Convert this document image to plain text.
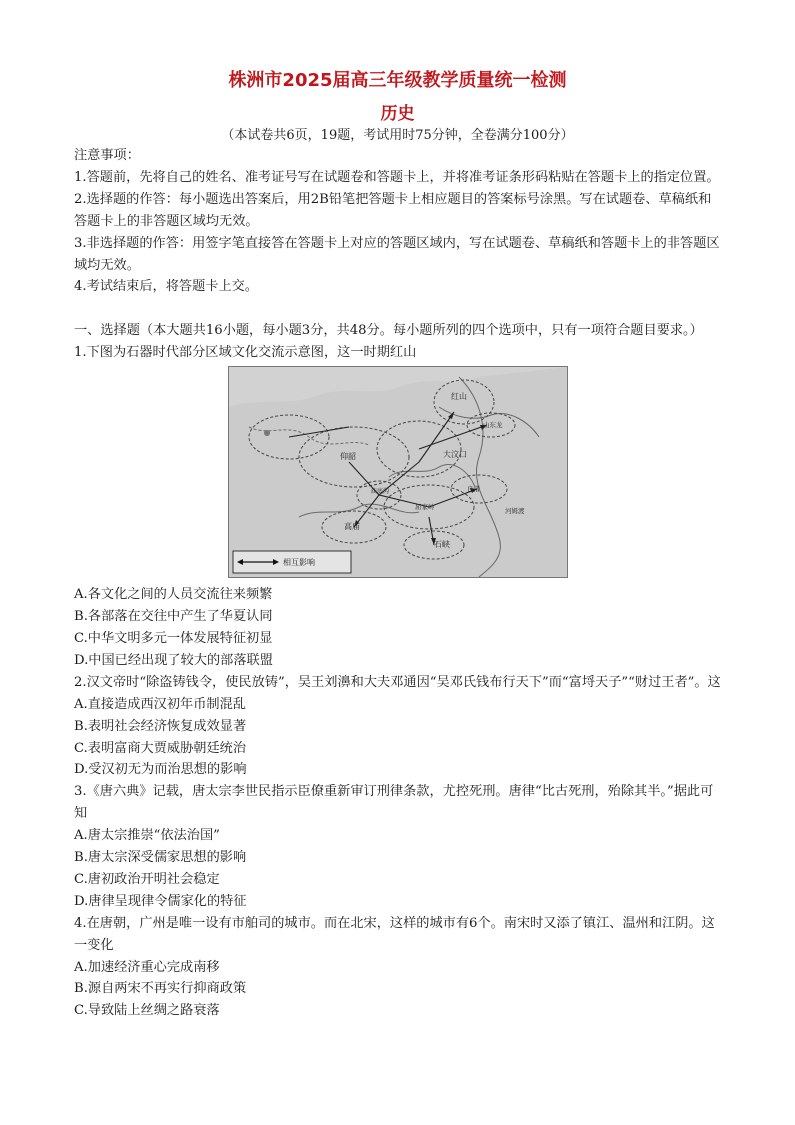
株洲市2025届高三年级教学质量统一检测
历史
（本试卷共6页，19题，考试用时75分钟，全卷满分100分）

注意事项：

1.答题前，先将自己的姓名、准考证号写在试题卷和答题卡上，并将准考证条形码粘贴在答题卡上的指定位置。

2.选择题的作答：每小题选出答案后，用2B铅笔把答题卡上相应题目的答案标号涂黑。写在试题卷、草稿纸和答题卡上的非答题区域均无效。

3.非选择题的作答：用签字笔直接答在答题卡上对应的答题区域内，写在试题卷、草稿纸和答题卡上的非答题区域均无效。

4.考试结束后，将答题卡上交。

一、选择题（本大题共16小题，每小题3分，共48分。每小题所列的四个选项中，只有一项符合题目要求。）

1.下图为石器时代部分区域文化交流示意图，这一时期红山

红山
山东龙
仰韶	大汶口
良渚
河姆渡
屈家岭
庙底沟
高庙
石峡
相互影响

A.各文化之间的人员交流往来频繁

B.各部落在交往中产生了华夏认同

C.中华文明多元一体发展特征初显

D.中国已经出现了较大的部落联盟

2.汉文帝时“除盗铸钱令，使民放铸”，吴王刘濞和大夫邓通因“吴邓氏钱布行天下”而“富埒天子”“财过王者”。这

A.直接造成西汉初年币制混乱

B.表明社会经济恢复成效显著

C.表明富商大贾威胁朝廷统治

D.受汉初无为而治思想的影响

3.《唐六典》记载，唐太宗李世民指示臣僚重新审订刑律条款，尤控死刑。唐律“比古死刑，殆除其半。”据此可知

A.唐太宗推崇“依法治国”

B.唐太宗深受儒家思想的影响

C.唐初政治开明社会稳定

D.唐律呈现律令儒家化的特征

4.在唐朝，广州是唯一设有市舶司的城市。而在北宋，这样的城市有6个。南宋时又添了镇江、温州和江阴。这一变化

A.加速经济重心完成南移

B.源自两宋不再实行抑商政策

C.导致陆上丝绸之路衰落
